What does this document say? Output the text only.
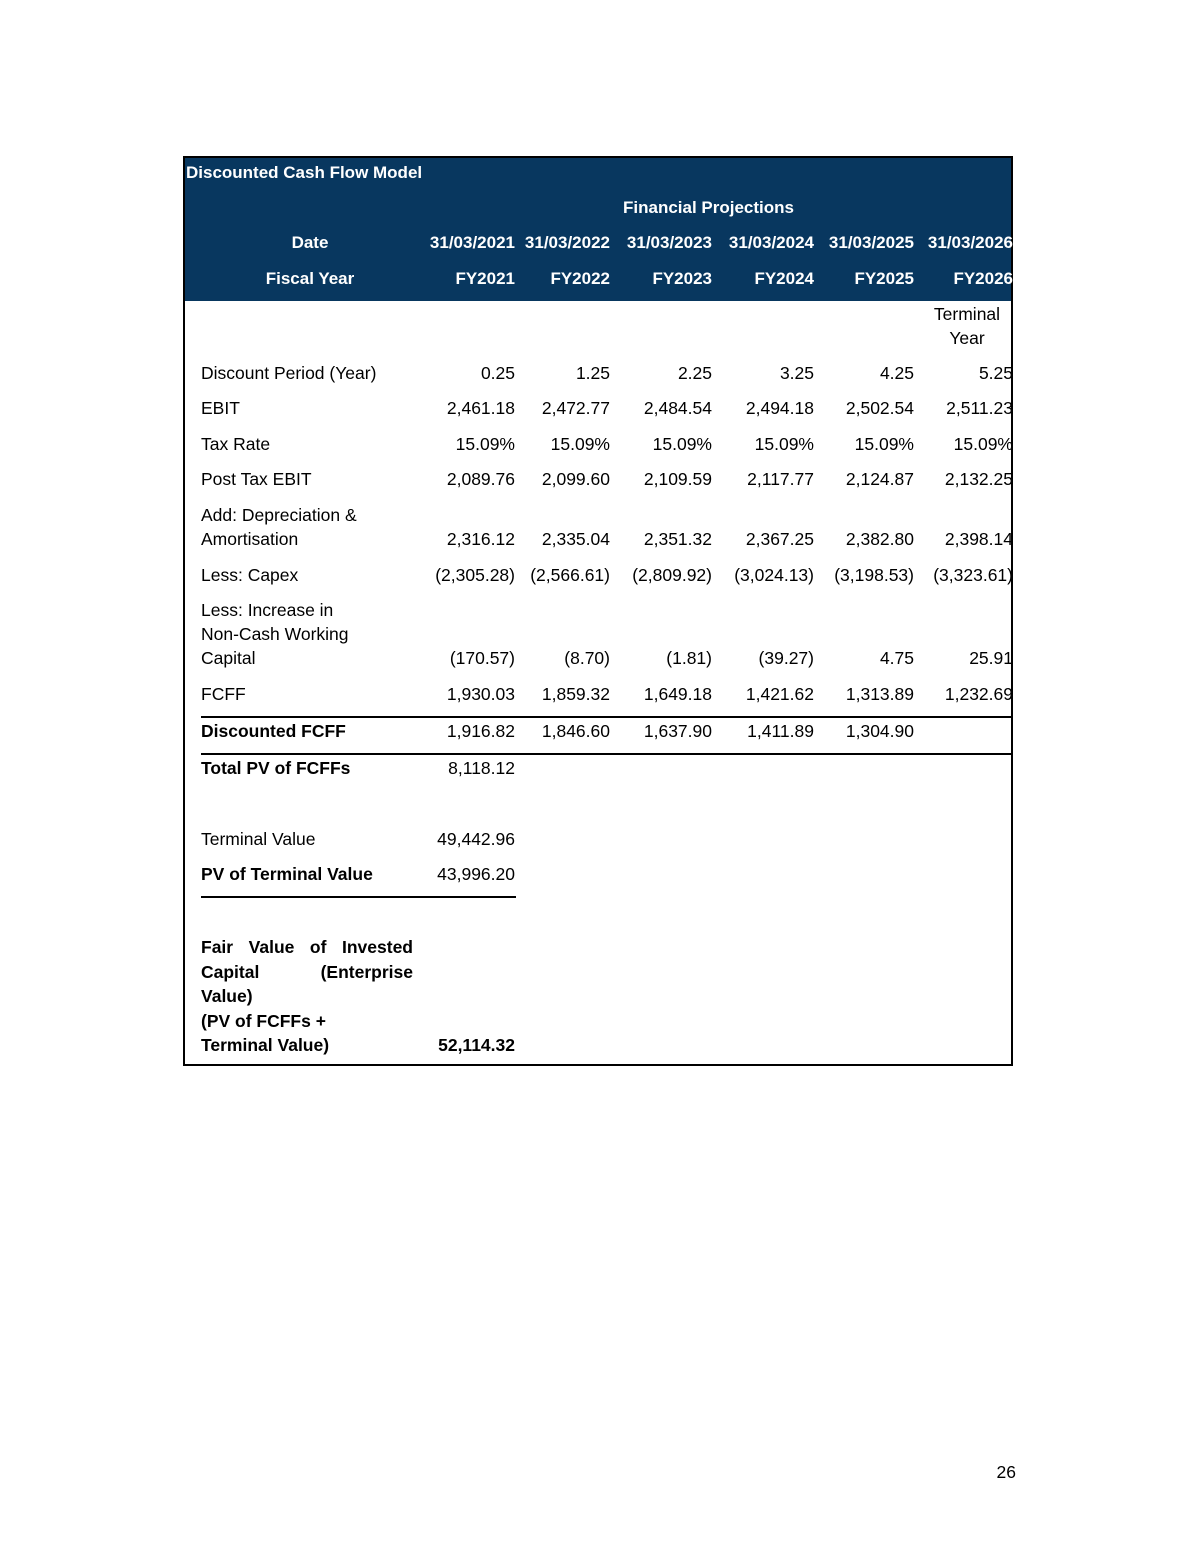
Discounted Cash Flow Model
Financial Projections
Date
Fiscal Year
31/03/2021 31/03/2022 31/03/2023 31/03/2024 31/03/2025 31/03/2026
FY2021	FY2022	FY2023	FY2024	FY2025	FY2026
Terminal
Year
Discount Period (Year)	0.25	1.25	2.25	3.25	4.25	5.25
EBIT	2,461.18	2,472.77	2,484.54	2,494.18	2,502.54	2,511.23
Tax Rate	15.09%	15.09%	15.09%	15.09%	15.09%	15.09%
Post Tax EBIT	2,089.76	2,099.60	2,109.59	2,117.77	2,124.87	2,132.25
Add: Depreciation &
Amortisation	2,316.12	2,335.04	2,351.32	2,367.25	2,382.80	2,398.14
Less: Capex	(2,305.28) (2,566.61)	(2,809.92)	(3,024.13)	(3,198.53)	(3,323.61)
Less: Increase in
Non-Cash Working
Capital	(170.57)	(8.70)	(1.81)	(39.27)	4.75	25.91
FCFF	1,930.03	1,859.32	1,649.18	1,421.62	1,313.89	1,232.69
Discounted FCFF	1,916.82	1,846.60	1,637.90	1,411.89	1,304.90
Total PV of FCFFs	8,118.12
Terminal Value	49,442.96
PV of Terminal Value	43,996.20
Fair Value of Invested
Capital (Enterprise
Value)
(PV of FCFFs +
Terminal Value)	52,114.32
26
